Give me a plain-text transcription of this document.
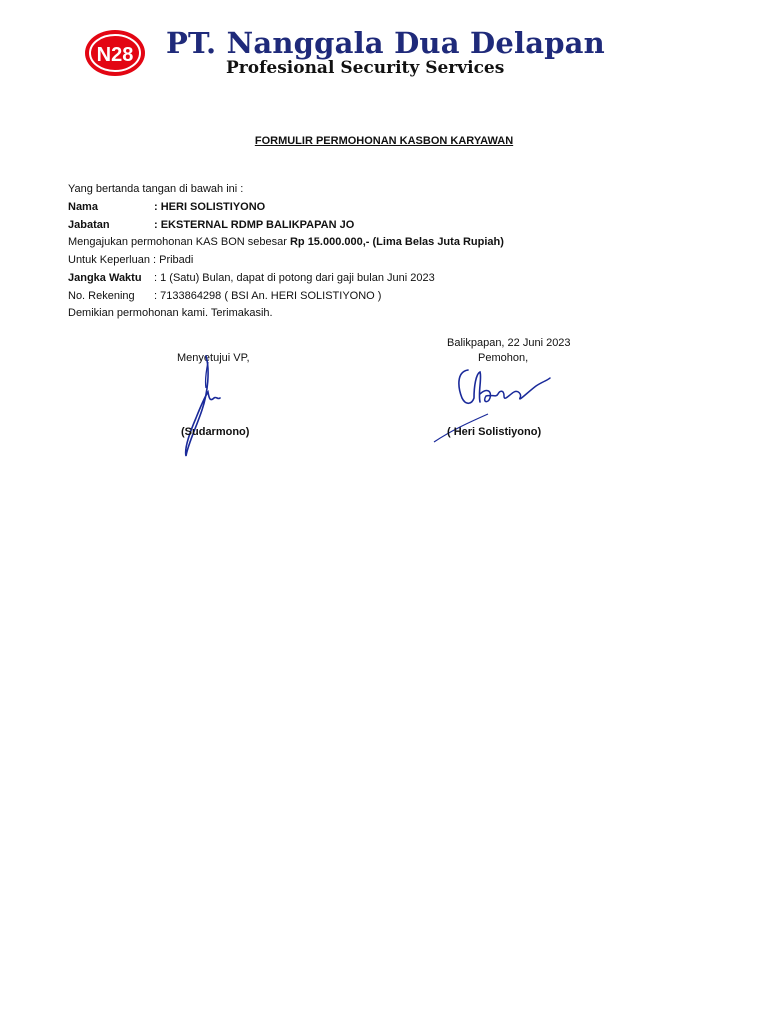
N28 PT. Nanggala Dua Delapan
Profesional Security Services
FORMULIR PERMOHONAN KASBON KARYAWAN
Yang bertanda tangan di bawah ini :
Nama	: HERI SOLISTIYONO
Jabatan	: EKSTERNAL RDMP BALIKPAPAN JO
Mengajukan permohonan KAS BON sebesar Rp 15.000.000,- (Lima Belas Juta Rupiah)
Untuk Keperluan : Pribadi
Jangka Waktu : 1 (Satu) Bulan, dapat di potong dari gaji bulan Juni 2023
No. Rekening : 7133864298 ( BSI An. HERI SOLISTIYONO )
Demikian permohonan kami. Terimakasih.
Balikpapan, 22 Juni 2023
Menyetujui VP,	Pemohon,
(Sudarmono)	( Heri Solistiyono)
